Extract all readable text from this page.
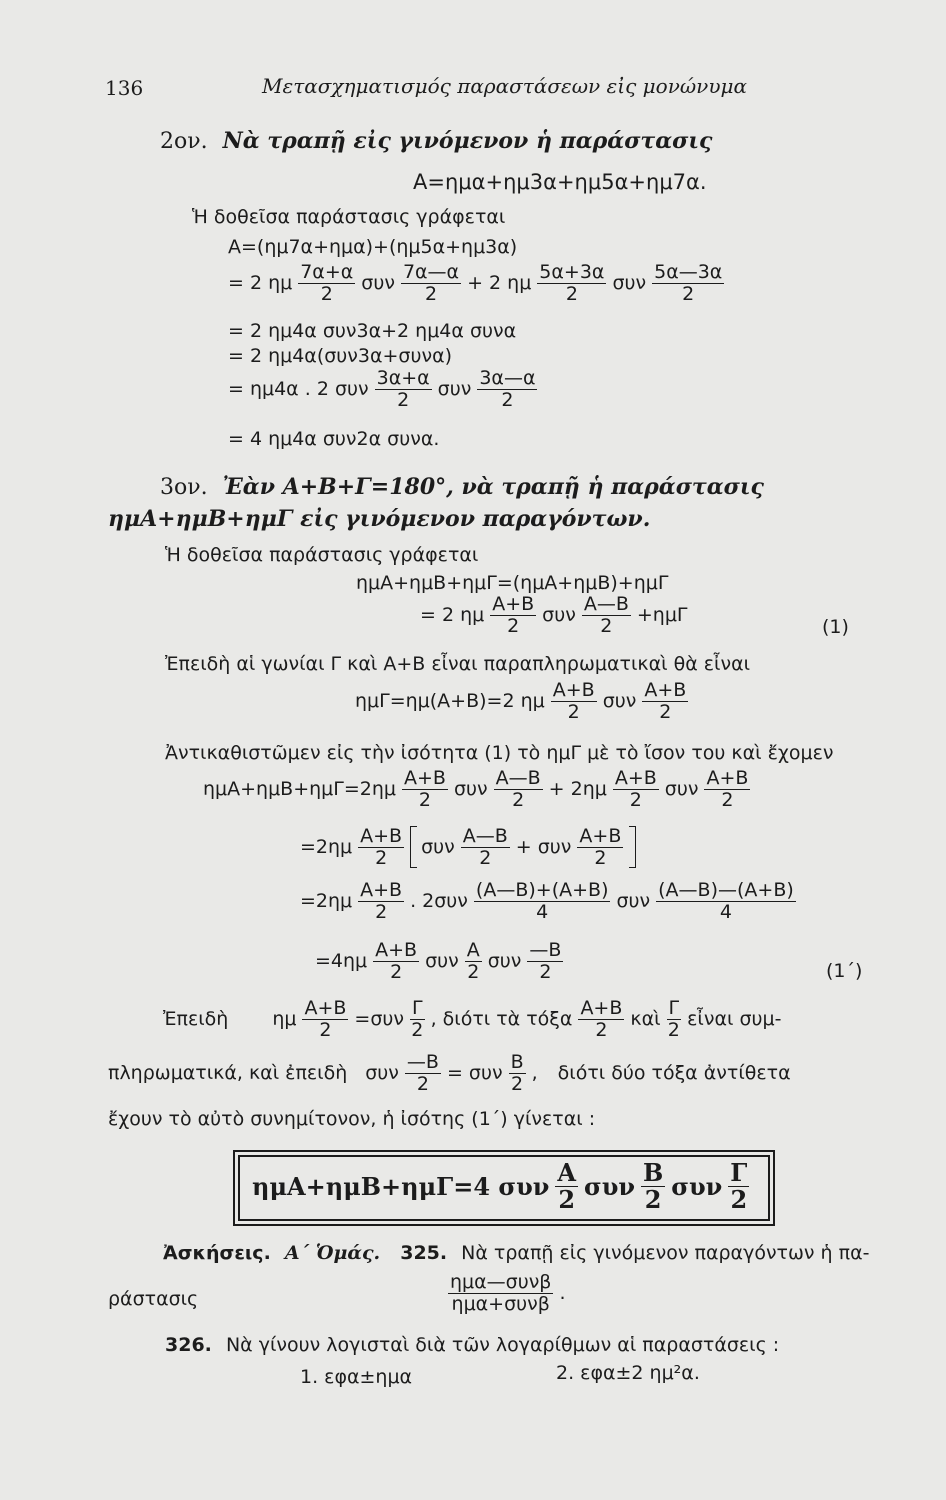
136	Μετασχηματισμός παραστάσεων εἰς μονώνυμα
2ον. Νὰ τραπῇ εἰς γινόμενον ἡ παράστασις
Α=ημα+ημ3α+ημ5α+ημ7α.
Ἡ δοθεῖσα παράστασις γράφεται
Α=(ημ7α+ημα)+(ημ5α+ημ3α)
= 2 ημ
7α+α
2 συν
7α—α
2 + 2 ημ
5α+3α
2 συν
5α—3α
2
= 2 ημ4α συν3α+2 ημ4α συνα
= 2 ημ4α(συν3α+συνα)
= ημ4α . 2 συν
3α+α
2 συν
3α—α
2
= 4 ημ4α συν2α συνα.
3ον. Ἐὰν Α+Β+Γ=180°, νὰ τραπῇ ἡ παράστασις
ημΑ+ημΒ+ημΓ εἰς γινόμενον παραγόντων.
Ἡ δοθεῖσα παράστασις γράφεται
ημΑ+ημΒ+ημΓ=(ημΑ+ημΒ)+ημΓ
= 2 ημ
Α+Β
2 συν
Α—Β
2 +ημΓ
(1)
Ἐπειδὴ αἱ γωνίαι Γ καὶ Α+Β εἶναι παραπληρωματικαὶ θὰ εἶναι
ημΓ=ημ(Α+Β)=2 ημ
Α+Β
2 συν
Α+Β
2
Ἀντικαθιστῶμεν εἰς τὴν ἰσότητα (1) τὸ ημΓ μὲ τὸ ἴσον του καὶ ἔχομεν
ημΑ+ημΒ+ημΓ=2ημ
Α+Β
2 συν
Α—Β
2 + 2ημ
Α+Β
2 συν
Α+Β
2
=2ημ
Α+Β
2 συν
Α—Β
2 + συν
Α+Β
2
=2ημ
Α+Β
2 . 2συν
(Α—Β)+(Α+Β)
4	συν
(Α—Β)—(Α+Β)
4
=4ημ
Α+Β
2 συν
Α
2 συν
—Β
2	(1΄)
Ἐπειδὴ ημ $\frac{A+B}{2} =\sigma\upsilon\nu$
Γ
2 , διότι τὰ τόξα
Α+Β
2 καὶ
Γ
2 εἶναι συμ-
πληρωματικά, καὶ ἐπειδὴ συν $\frac{—B}{2} = \sigma\upsilon\nu$
Β
2 , διότι δύο τόξα ἀντίθετα
ἔχουν τὸ αὐτὸ συνημίτονον, ἡ ἰσότης (1΄) γίνεται :
ημΑ+ημΒ+ημΓ=4 συν Α
2 συν Β
2 συν Γ
2
Ἀσκήσεις. Α΄ Ὁμάς. 325. Νὰ τραπῇ εἰς γινόμενον παραγόντων ἡ πα-
ράστασις
ημα—συνβ
ημα+συνβ .
326. Νὰ γίνουν λογισταὶ διὰ τῶν λογαρίθμων αἱ παραστάσεις :
1. εφα±ημα	2. εφα±2 ημ²α.
